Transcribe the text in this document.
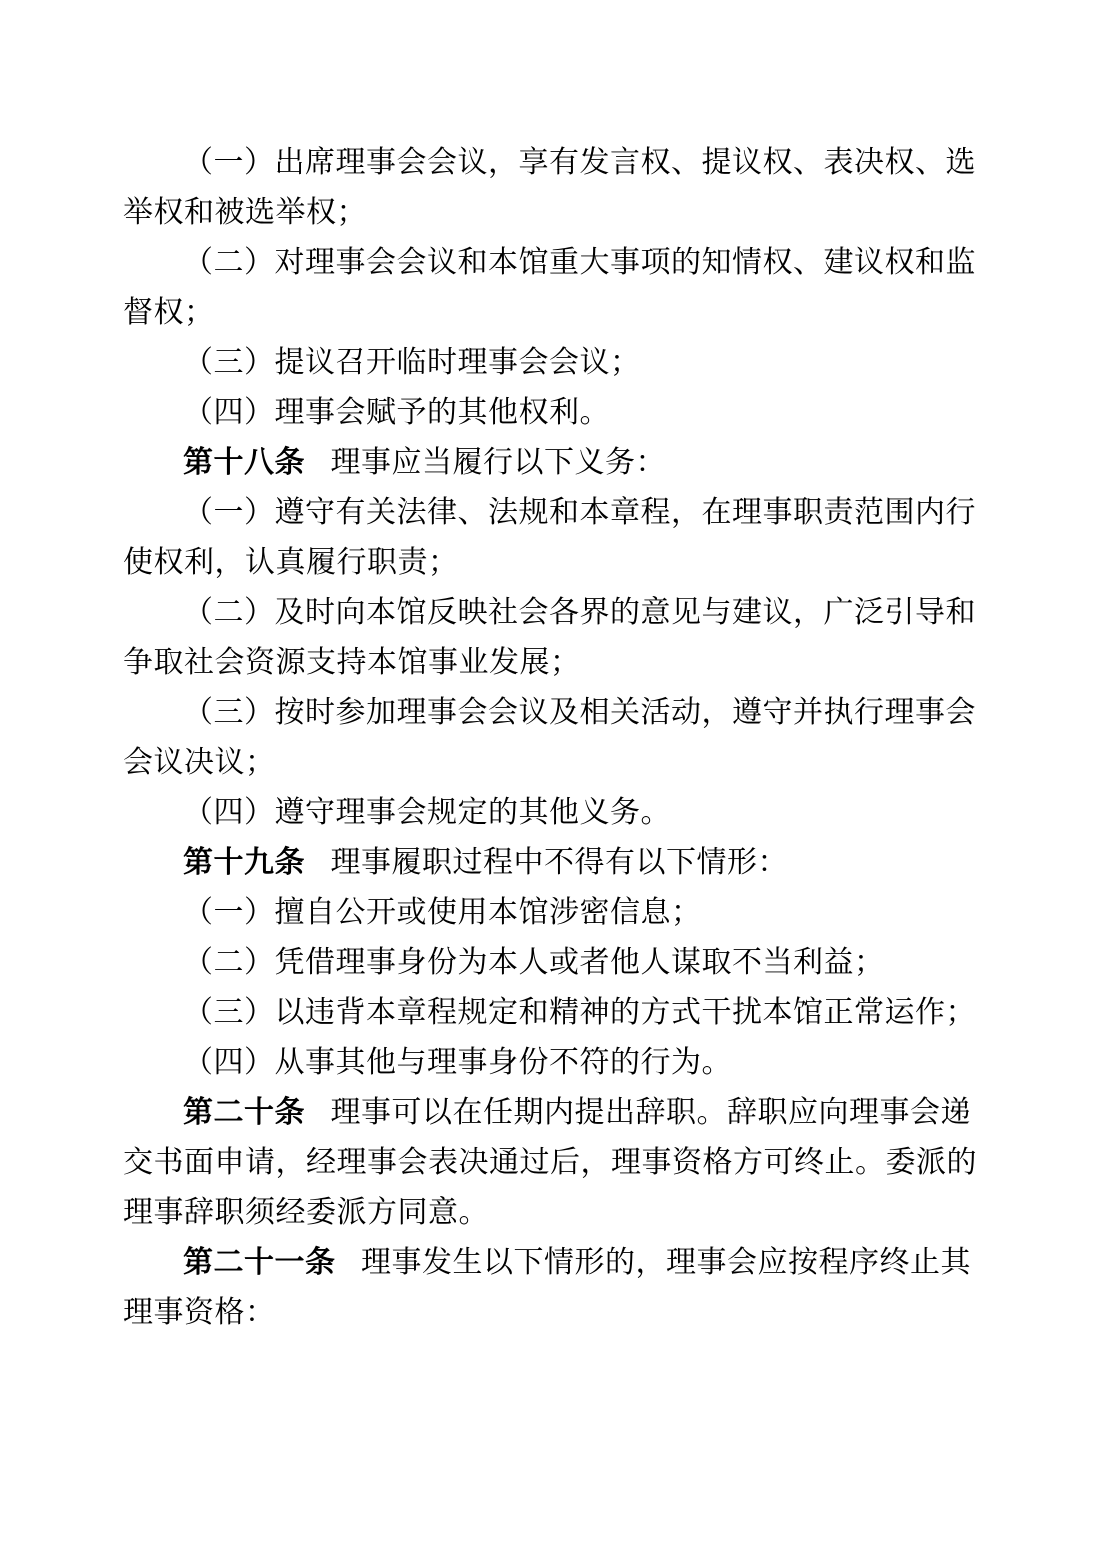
（一）出席理事会会议，享有发言权、提议权、表决权、选
举权和被选举权；
（二）对理事会会议和本馆重大事项的知情权、建议权和监
督权；
（三）提议召开临时理事会会议；
（四）理事会赋予的其他权利。
第十八条 理事应当履行以下义务：
（一）遵守有关法律、法规和本章程，在理事职责范围内行
使权利，认真履行职责；
（二）及时向本馆反映社会各界的意见与建议，广泛引导和
争取社会资源支持本馆事业发展；
（三）按时参加理事会会议及相关活动，遵守并执行理事会
会议决议；
（四）遵守理事会规定的其他义务。
第十九条 理事履职过程中不得有以下情形：
（一）擅自公开或使用本馆涉密信息；
（二）凭借理事身份为本人或者他人谋取不当利益；
（三）以违背本章程规定和精神的方式干扰本馆正常运作；
（四）从事其他与理事身份不符的行为。
第二十条 理事可以在任期内提出辞职。辞职应向理事会递
交书面申请，经理事会表决通过后，理事资格方可终止。委派的
理事辞职须经委派方同意。
第二十一条 理事发生以下情形的，理事会应按程序终止其
理事资格：
